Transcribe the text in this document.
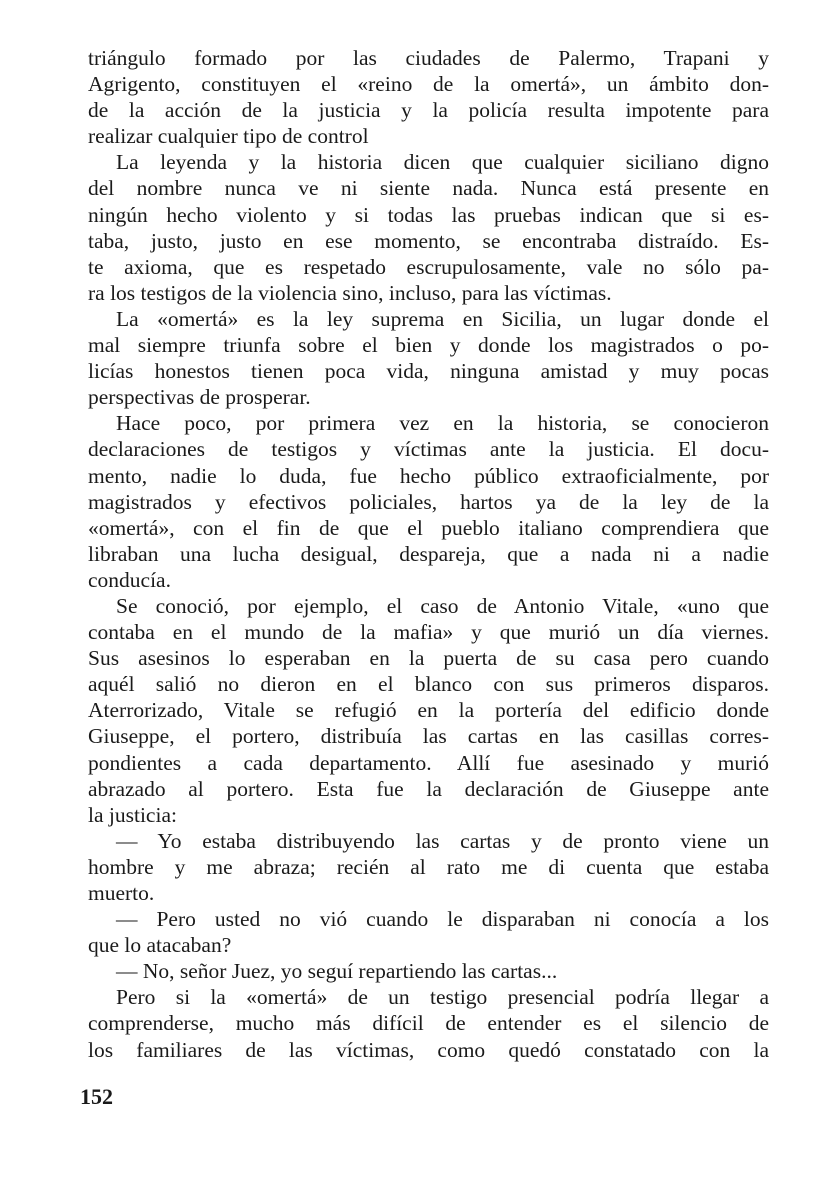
triángulo formado por las ciudades de Palermo, Trapani y
Agrigento, constituyen el «reino de la omertá», un ámbito don-
de la acción de la justicia y la policía resulta impotente para
realizar cualquier tipo de control
La leyenda y la historia dicen que cualquier siciliano digno
del nombre nunca ve ni siente nada. Nunca está presente en
ningún hecho violento y si todas las pruebas indican que si es-
taba, justo, justo en ese momento, se encontraba distraído. Es-
te axioma, que es respetado escrupulosamente, vale no sólo pa-
ra los testigos de la violencia sino, incluso, para las víctimas.
La «omertá» es la ley suprema en Sicilia, un lugar donde el
mal siempre triunfa sobre el bien y donde los magistrados o po-
licías honestos tienen poca vida, ninguna amistad y muy pocas
perspectivas de prosperar.
Hace poco, por primera vez en la historia, se conocieron
declaraciones de testigos y víctimas ante la justicia. El docu-
mento, nadie lo duda, fue hecho público extraoficialmente, por
magistrados y efectivos policiales, hartos ya de la ley de la
«omertá», con el fin de que el pueblo italiano comprendiera que
libraban una lucha desigual, despareja, que a nada ni a nadie
conducía.
Se conoció, por ejemplo, el caso de Antonio Vitale, «uno que
contaba en el mundo de la mafia» y que murió un día viernes.
Sus asesinos lo esperaban en la puerta de su casa pero cuando
aquél salió no dieron en el blanco con sus primeros disparos.
Aterrorizado, Vitale se refugió en la portería del edificio donde
Giuseppe, el portero, distribuía las cartas en las casillas corres-
pondientes a cada departamento. Allí fue asesinado y murió
abrazado al portero. Esta fue la declaración de Giuseppe ante
la justicia:
— Yo estaba distribuyendo las cartas y de pronto viene un
hombre y me abraza; recién al rato me di cuenta que estaba
muerto.
— Pero usted no vió cuando le disparaban ni conocía a los
que lo atacaban?
— No, señor Juez, yo seguí repartiendo las cartas...
Pero si la «omertá» de un testigo presencial podría llegar a
comprenderse, mucho más difícil de entender es el silencio de
los familiares de las víctimas, como quedó constatado con la
152
